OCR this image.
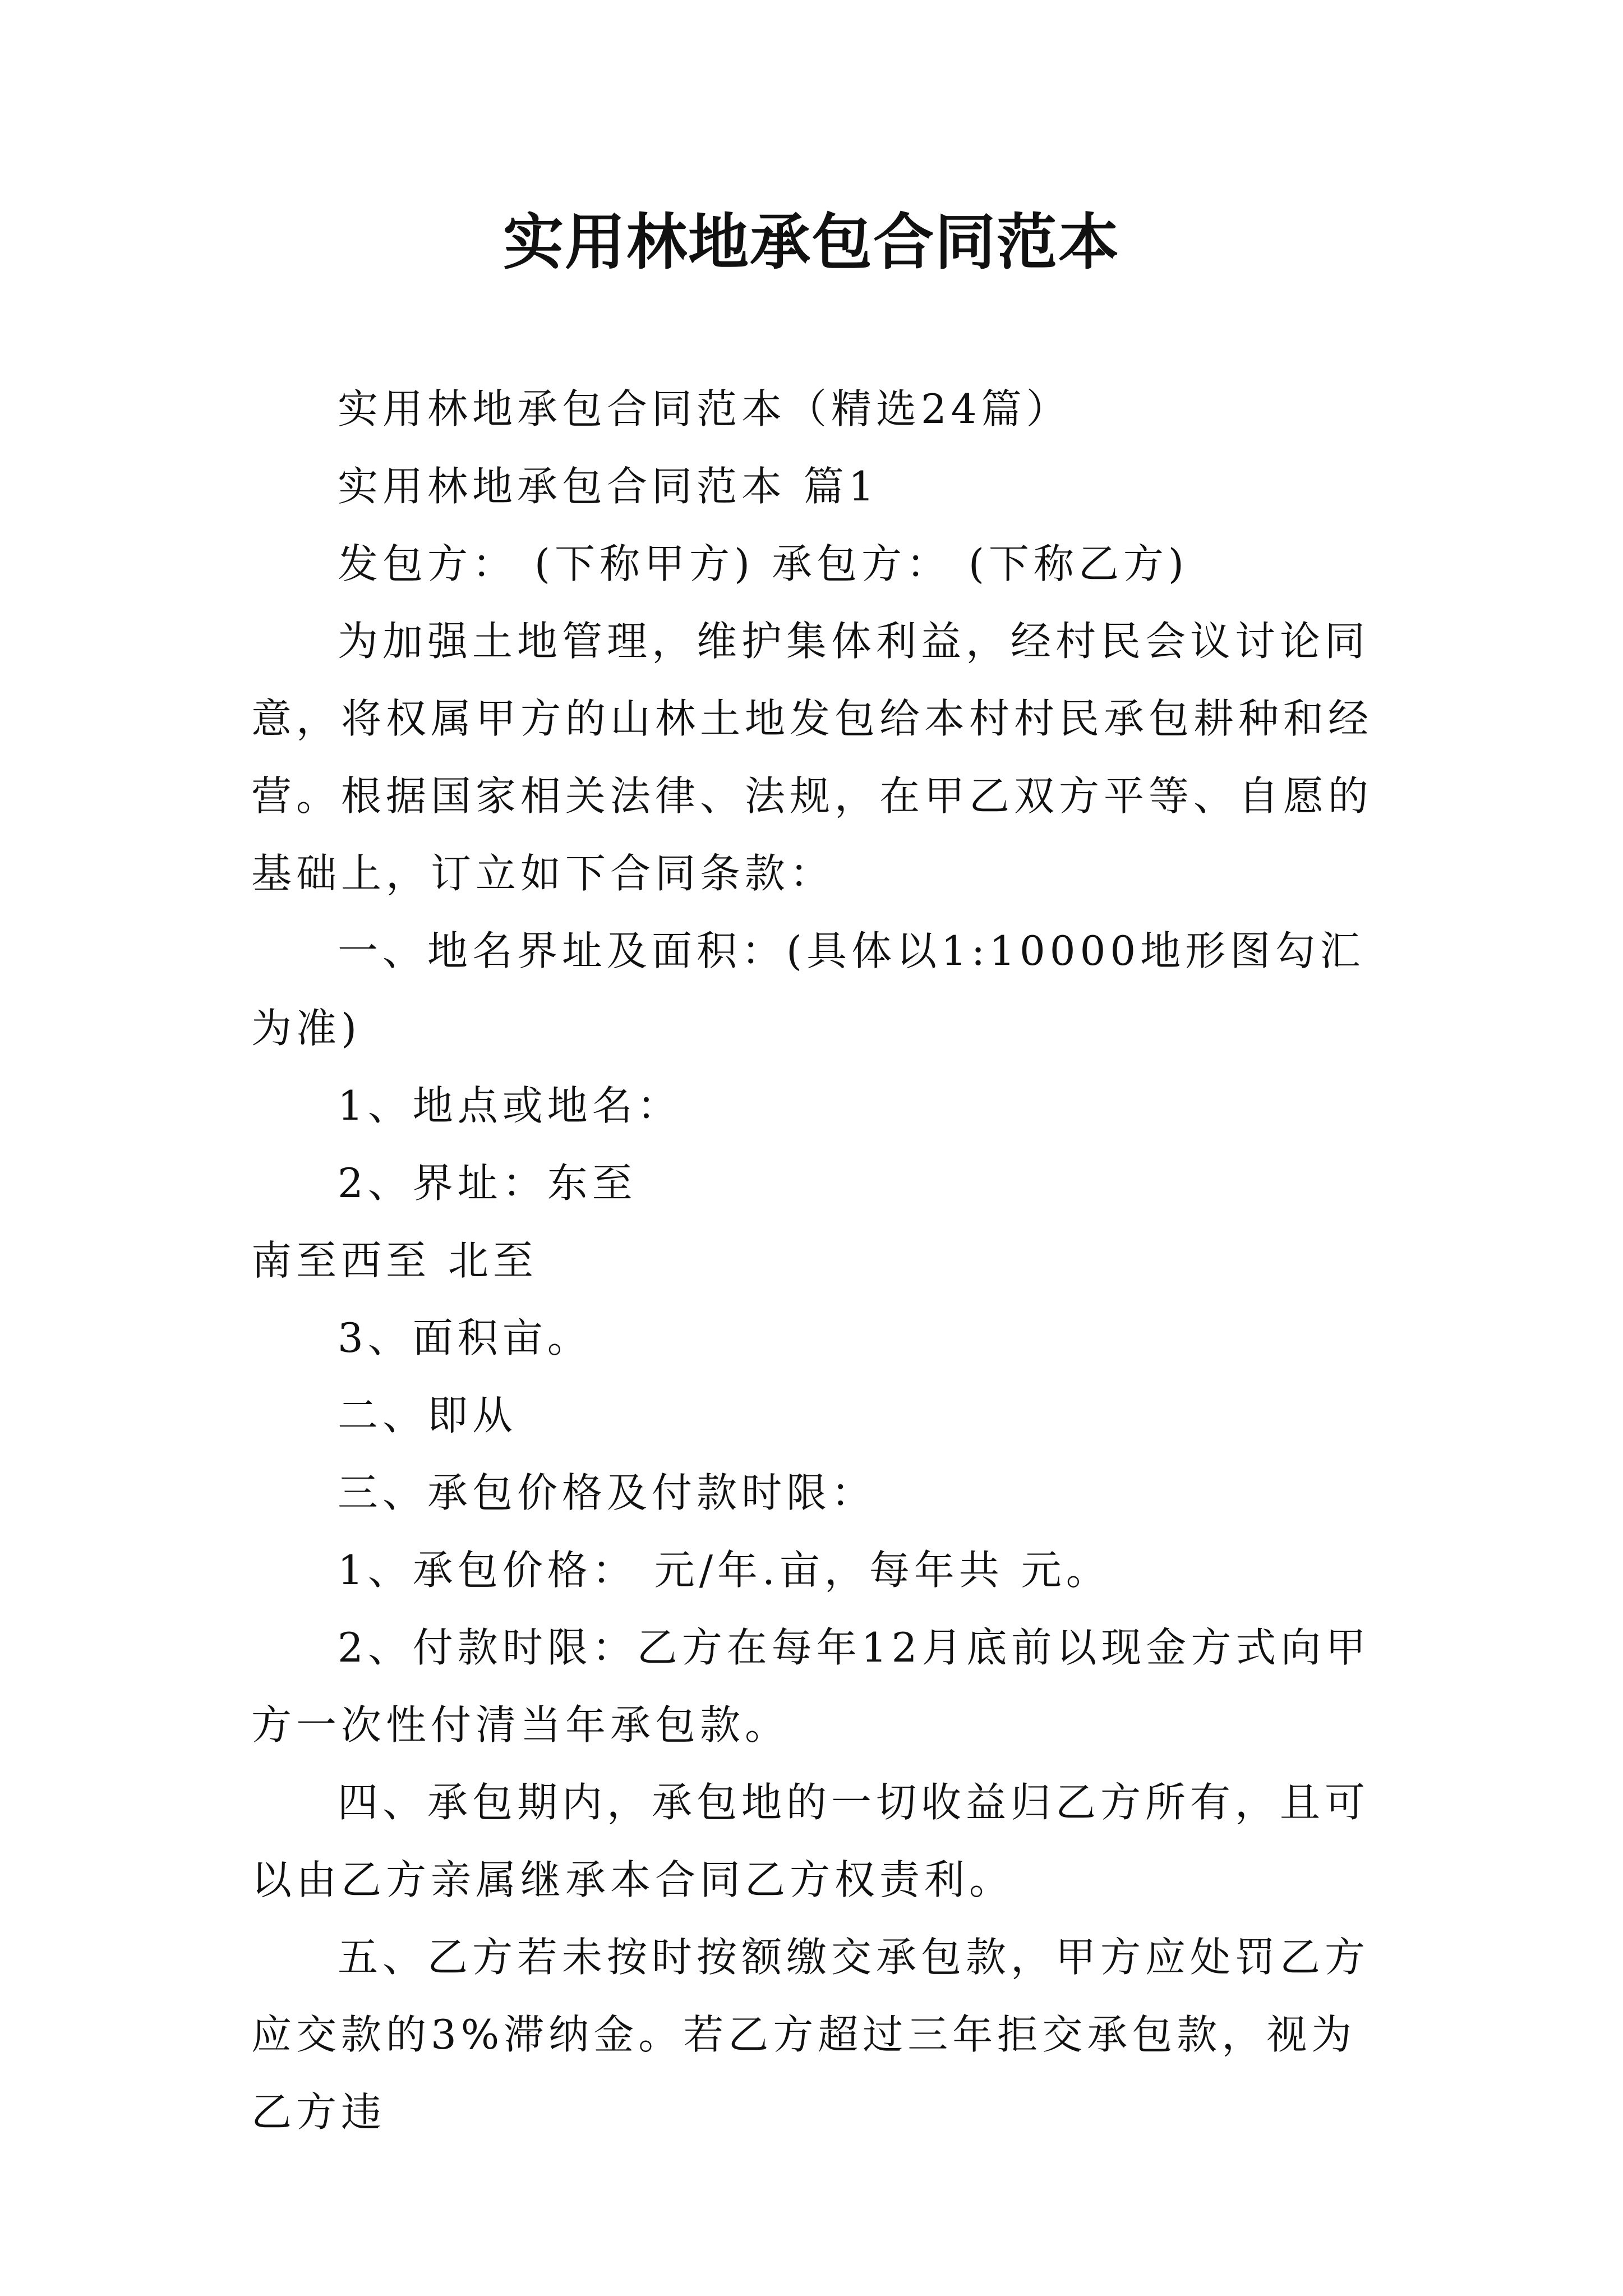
实用林地承包合同范本

实用林地承包合同范本（精选24篇）

实用林地承包合同范本 篇1

发包方： (下称甲方) 承包方： (下称乙方)

为加强土地管理，维护集体利益，经村民会议讨论同意，将权属甲方的山林土地发包给本村村民承包耕种和经营。根据国家相关法律、法规，在甲乙双方平等、自愿的基础上，订立如下合同条款：

一、地名界址及面积：(具体以1:10000地形图勾汇为准)

1、地点或地名：

2、界址：东至

南至西至 北至

3、面积亩。

二、即从

三、承包价格及付款时限：

1、承包价格： 元/年.亩，每年共 元。

2、付款时限：乙方在每年12月底前以现金方式向甲方一次性付清当年承包款。

四、承包期内，承包地的一切收益归乙方所有，且可以由乙方亲属继承本合同乙方权责利。

五、乙方若未按时按额缴交承包款，甲方应处罚乙方应交款的3%滞纳金。若乙方超过三年拒交承包款，视为乙方违
